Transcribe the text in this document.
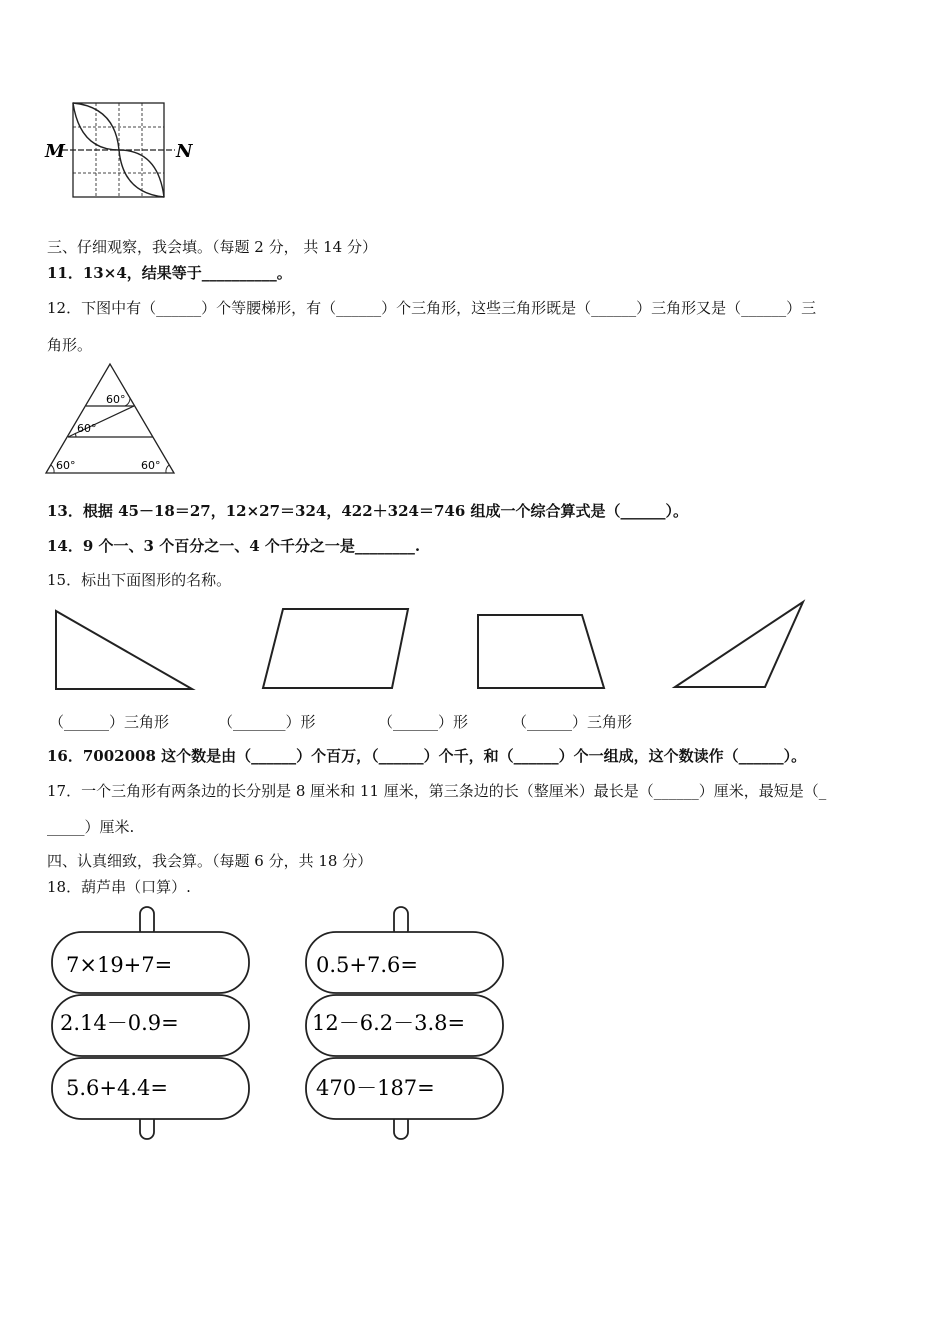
M	N
三、仔细观察，我会填。（每题 2 分， 共 14 分）
11．13×4，结果等于__________。
12．下图中有（______）个等腰梯形，有（______）个三角形，这些三角形既是（______）三角形又是（______）三
角形。
60°
60°
60°	60°
13．根据 45－18＝27，12×27＝324，422＋324＝746 组成一个综合算式是（______）。
14．9 个一、3 个百分之一、4 个千分之一是________.
15．标出下面图形的名称。
（______）三角形	（_______）形	（______）形	（______）三角形
16．7002008 这个数是由（______）个百万，（______）个千，和（______）个一组成，这个数读作（______）。
17．一个三角形有两条边的长分别是 8 厘米和 11 厘米，第三条边的长（整厘米）最长是（______）厘米，最短是（_
_____）厘米.
四、认真细致，我会算。（每题 6 分，共 18 分）
18．葫芦串（口算）.
7×19+7=
2.14－0.9=
5.6+4.4=
0.5+7.6=
12－6.2－3.8=
470－187=
